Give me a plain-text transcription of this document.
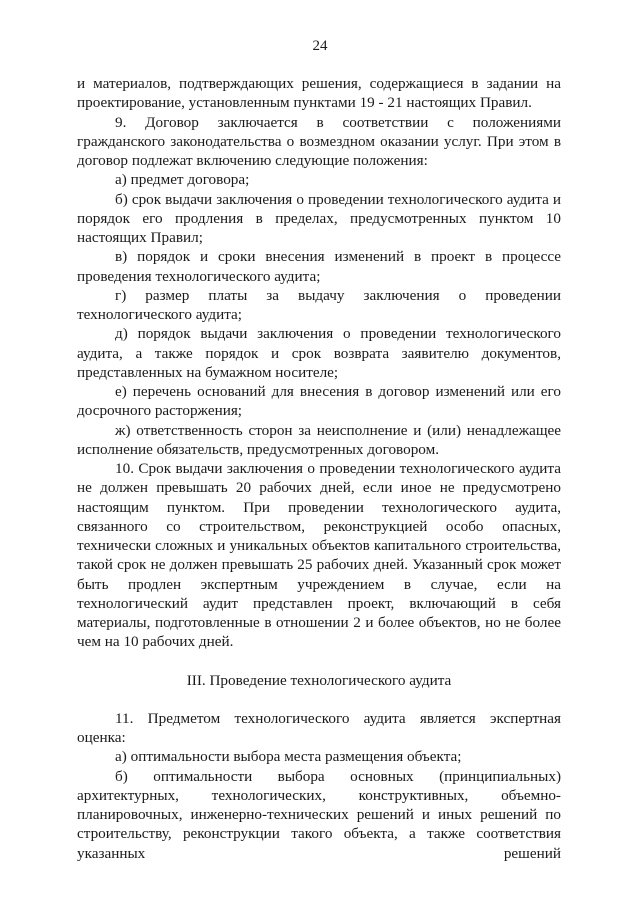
24

и материалов, подтверждающих решения, содержащиеся в задании на проектирование, установленным пунктами 19 - 21 настоящих Правил.

9. Договор заключается в соответствии с положениями гражданского законодательства о возмездном оказании услуг. При этом в договор подлежат включению следующие положения:

а) предмет договора;

б) срок выдачи заключения о проведении технологического аудита и порядок его продления в пределах, предусмотренных пунктом 10 настоящих Правил;

в) порядок и сроки внесения изменений в проект в процессе проведения технологического аудита;

г) размер платы за выдачу заключения о проведении технологического аудита;

д) порядок выдачи заключения о проведении технологического аудита, а также порядок и срок возврата заявителю документов, представленных на бумажном носителе;

е) перечень оснований для внесения в договор изменений или его досрочного расторжения;

ж) ответственность сторон за неисполнение и (или) ненадлежащее исполнение обязательств, предусмотренных договором.

10. Срок выдачи заключения о проведении технологического аудита не должен превышать 20 рабочих дней, если иное не предусмотрено настоящим пунктом. При проведении технологического аудита, связанного со строительством, реконструкцией особо опасных, технически сложных и уникальных объектов капитального строительства, такой срок не должен превышать 25 рабочих дней. Указанный срок может быть продлен экспертным учреждением в случае, если на технологический аудит представлен проект, включающий в себя материалы, подготовленные в отношении 2 и более объектов, но не более чем на 10 рабочих дней.

III. Проведение технологического аудита

11. Предметом технологического аудита является экспертная оценка:

а) оптимальности выбора места размещения объекта;

б) оптимальности выбора основных (принципиальных) архитектурных, технологических, конструктивных, объемно-планировочных, инженерно-технических решений и иных решений по строительству, реконструкции такого объекта, а также соответствия указанных решений
